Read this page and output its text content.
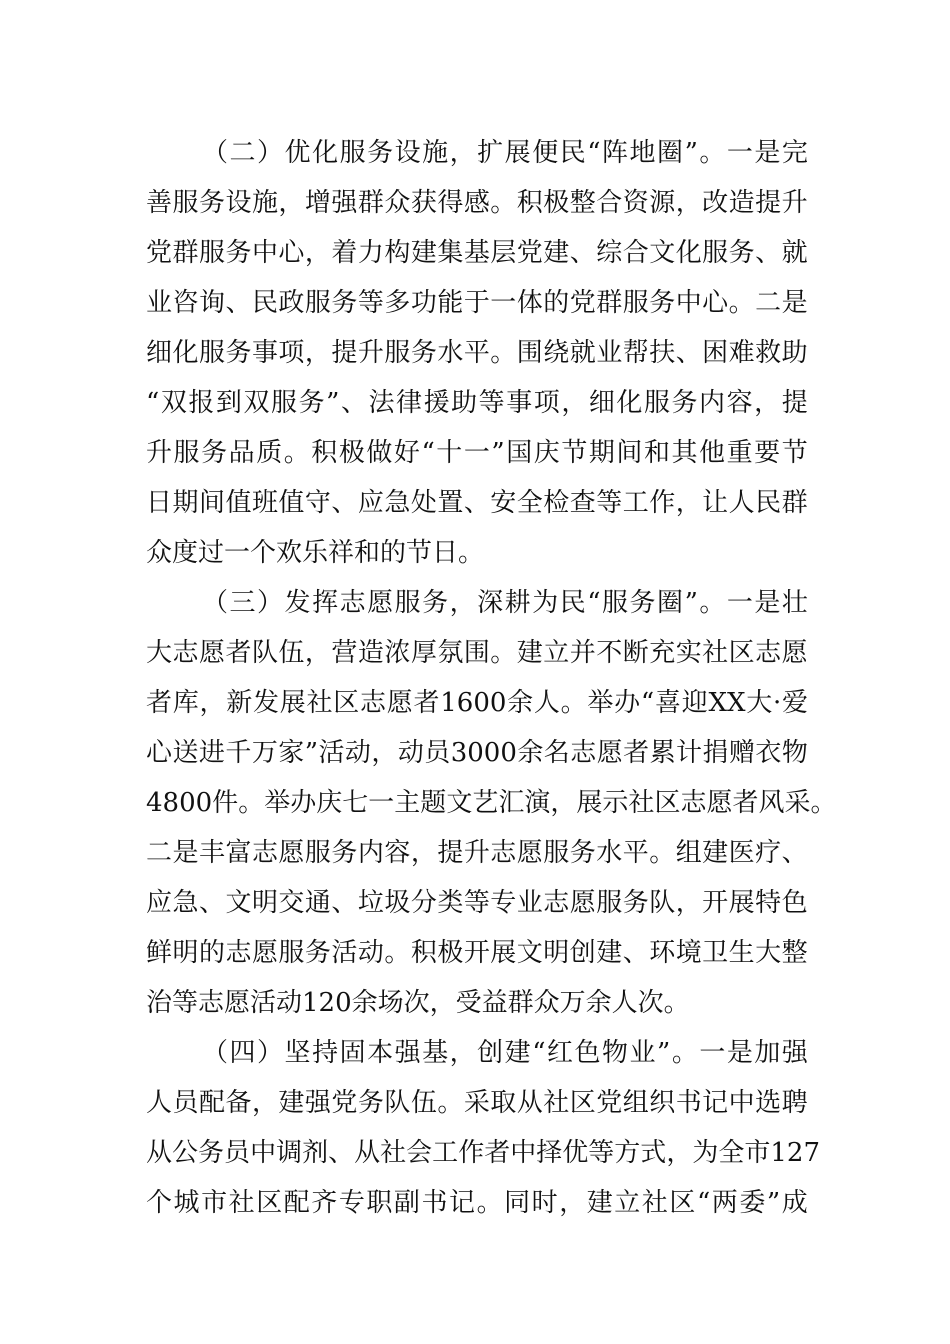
（ 二 ） 优 化 服 务 设 施 ， 扩 展 便 民 “ 阵 地 圈 ” 。 一 是 完
善 服 务 设 施 ， 增 强 群 众 获 得 感 。 积 极 整 合 资 源 ， 改 造 提 升
党 群 服 务 中 心 ， 着 力 构 建 集 基 层 党 建 、 综 合 文 化 服 务 、 就
业 咨 询 、 民 政 服 务 等 多 功 能 于 一 体 的 党 群 服 务 中 心 。 二 是
细 化 服 务 事 项 ， 提 升 服 务 水 平 。 围 绕 就 业 帮 扶 、 困 难 救 助
“ 双 报 到 双 服 务 ” 、 法 律 援 助 等 事 项 ， 细 化 服 务 内 容 ， 提
升 服 务 品 质 。 积 极 做 好 “ 十 一 ” 国 庆 节 期 间 和 其 他 重 要 节
日 期 间 值 班 值 守 、 应 急 处 置 、 安 全 检 查 等 工 作 ， 让 人 民 群
众度过一个欢乐祥和的节日。
（ 三 ） 发 挥 志 愿 服 务 ， 深 耕 为 民 “ 服 务 圈 ” 。 一 是 壮
大 志 愿 者 队 伍 ， 营 造 浓 厚 氛 围 。 建 立 并 不 断 充 实 社 区 志 愿
者 库 ， 新 发 展 社 区 志 愿 者 1600 余 人 。 举 办 “ 喜 迎 XX 大 · 爱
心 送 进 千 万 家 ” 活 动 ， 动 员 3000 余 名 志 愿 者 累 计 捐 赠 衣 物
4800 件 。 举 办 庆 七 一 主 题 文 艺 汇 演 ， 展 示 社 区 志 愿 者 风 采 。
二 是 丰 富 志 愿 服 务 内 容 ， 提 升 志 愿 服 务 水 平 。 组 建 医 疗 、
应 急 、 文 明 交 通 、 垃 圾 分 类 等 专 业 志 愿 服 务 队 ， 开 展 特 色
鲜 明 的 志 愿 服 务 活 动 。 积 极 开 展 文 明 创 建 、 环 境 卫 生 大 整
治等志愿活动120余场次，受益群众万余人次。
（ 四 ） 坚 持 固 本 强 基 ， 创 建 “ 红 色 物 业 ” 。 一 是 加 强
人 员 配 备 ， 建 强 党 务 队 伍 。 采 取 从 社 区 党 组 织 书 记 中 选 聘
从 公 务 员 中 调 剂 、 从 社 会 工 作 者 中 择 优 等 方 式 ， 为 全 市 127
个 城 市 社 区 配 齐 专 职 副 书 记 。 同 时 ， 建 立 社 区 “ 两 委 ” 成
